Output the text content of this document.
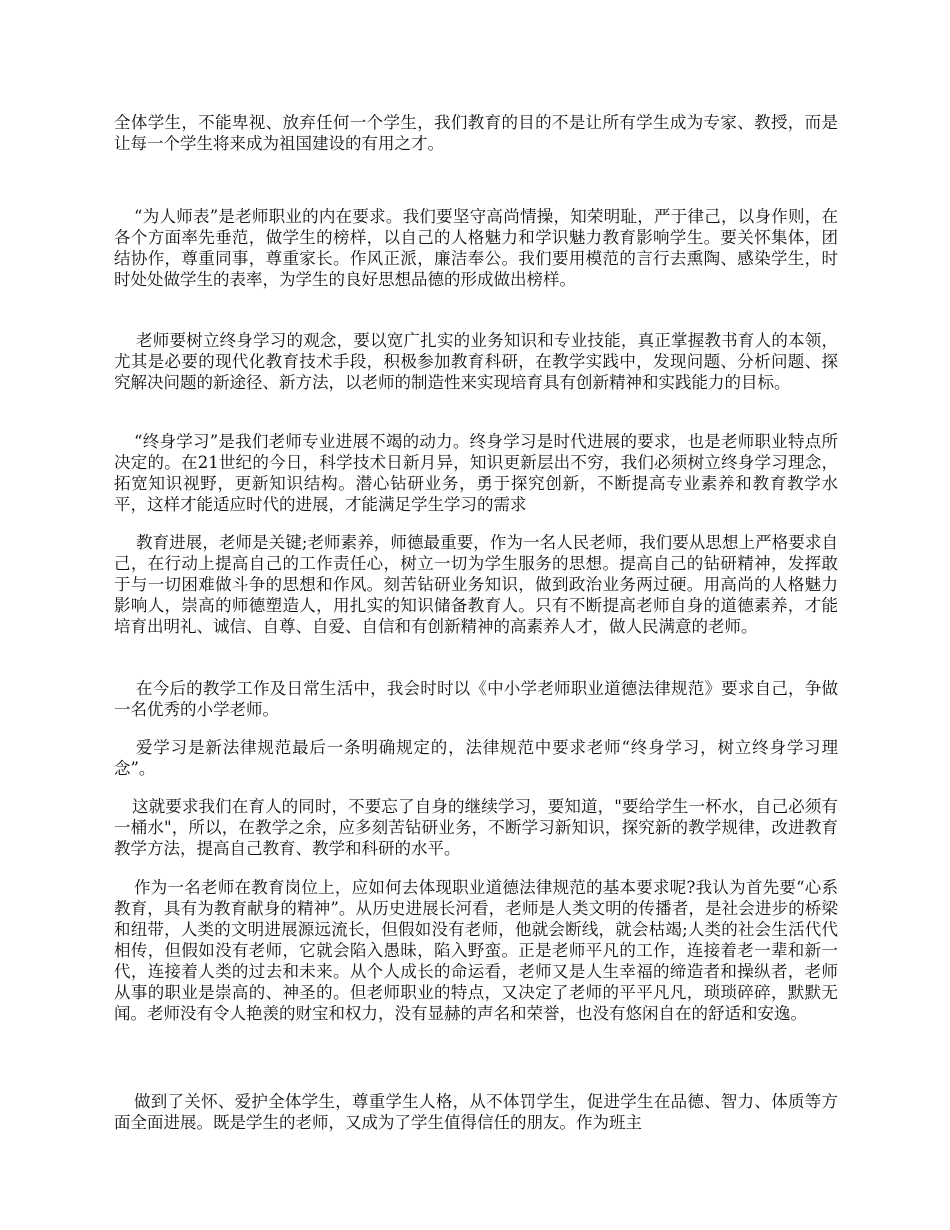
全体学生，不能卑视、放弃任何一个学生，我们教育的目的不是让所有学生成为专家、教授，而是让每一个学生将来成为祖国建设的有用之才。

“为人师表”是老师职业的内在要求。我们要坚守高尚情操，知荣明耻，严于律己，以身作则，在各个方面率先垂范，做学生的榜样，以自己的人格魅力和学识魅力教育影响学生。要关怀集体，团结协作，尊重同事，尊重家长。作风正派，廉洁奉公。我们要用模范的言行去熏陶、感染学生，时时处处做学生的表率，为学生的良好思想品德的形成做出榜样。

老师要树立终身学习的观念，要以宽广扎实的业务知识和专业技能，真正掌握教书育人的本领，尤其是必要的现代化教育技术手段，积极参加教育科研，在教学实践中，发现问题、分析问题、探究解决问题的新途径、新方法，以老师的制造性来实现培育具有创新精神和实践能力的目标。

“终身学习”是我们老师专业进展不竭的动力。终身学习是时代进展的要求，也是老师职业特点所决定的。在21世纪的今日，科学技术日新月异，知识更新层出不穷，我们必须树立终身学习理念，拓宽知识视野，更新知识结构。潜心钻研业务，勇于探究创新，不断提高专业素养和教育教学水平，这样才能适应时代的进展，才能满足学生学习的需求

教育进展，老师是关键;老师素养，师德最重要，作为一名人民老师，我们要从思想上严格要求自己，在行动上提高自己的工作责任心，树立一切为学生服务的思想。提高自己的钻研精神，发挥敢于与一切困难做斗争的思想和作风。刻苦钻研业务知识，做到政治业务两过硬。用高尚的人格魅力影响人，崇高的师德塑造人，用扎实的知识储备教育人。只有不断提高老师自身的道德素养，才能培育出明礼、诚信、自尊、自爱、自信和有创新精神的高素养人才，做人民满意的老师。

在今后的教学工作及日常生活中，我会时时以《中小学老师职业道德法律规范》要求自己，争做一名优秀的小学老师。

爱学习是新法律规范最后一条明确规定的，法律规范中要求老师“终身学习，树立终身学习理念”。

这就要求我们在育人的同时，不要忘了自身的继续学习，要知道，"要给学生一杯水，自己必须有一桶水"，所以，在教学之余，应多刻苦钻研业务，不断学习新知识，探究新的教学规律，改进教育教学方法，提高自己教育、教学和科研的水平。

作为一名老师在教育岗位上，应如何去体现职业道德法律规范的基本要求呢?我认为首先要“心系教育，具有为教育献身的精神”。从历史进展长河看，老师是人类文明的传播者，是社会进步的桥梁和纽带，人类的文明进展源远流长，但假如没有老师，他就会断线，就会枯竭;人类的社会生活代代相传，但假如没有老师，它就会陷入愚昧，陷入野蛮。正是老师平凡的工作，连接着老一辈和新一代，连接着人类的过去和未来。从个人成长的命运看，老师又是人生幸福的缔造者和操纵者，老师从事的职业是崇高的、神圣的。但老师职业的特点，又决定了老师的平平凡凡，琐琐碎碎，默默无闻。老师没有令人艳羡的财宝和权力，没有显赫的声名和荣誉，也没有悠闲自在的舒适和安逸。

做到了关怀、爱护全体学生，尊重学生人格，从不体罚学生，促进学生在品德、智力、体质等方面全面进展。既是学生的老师，又成为了学生值得信任的朋友。作为班主
